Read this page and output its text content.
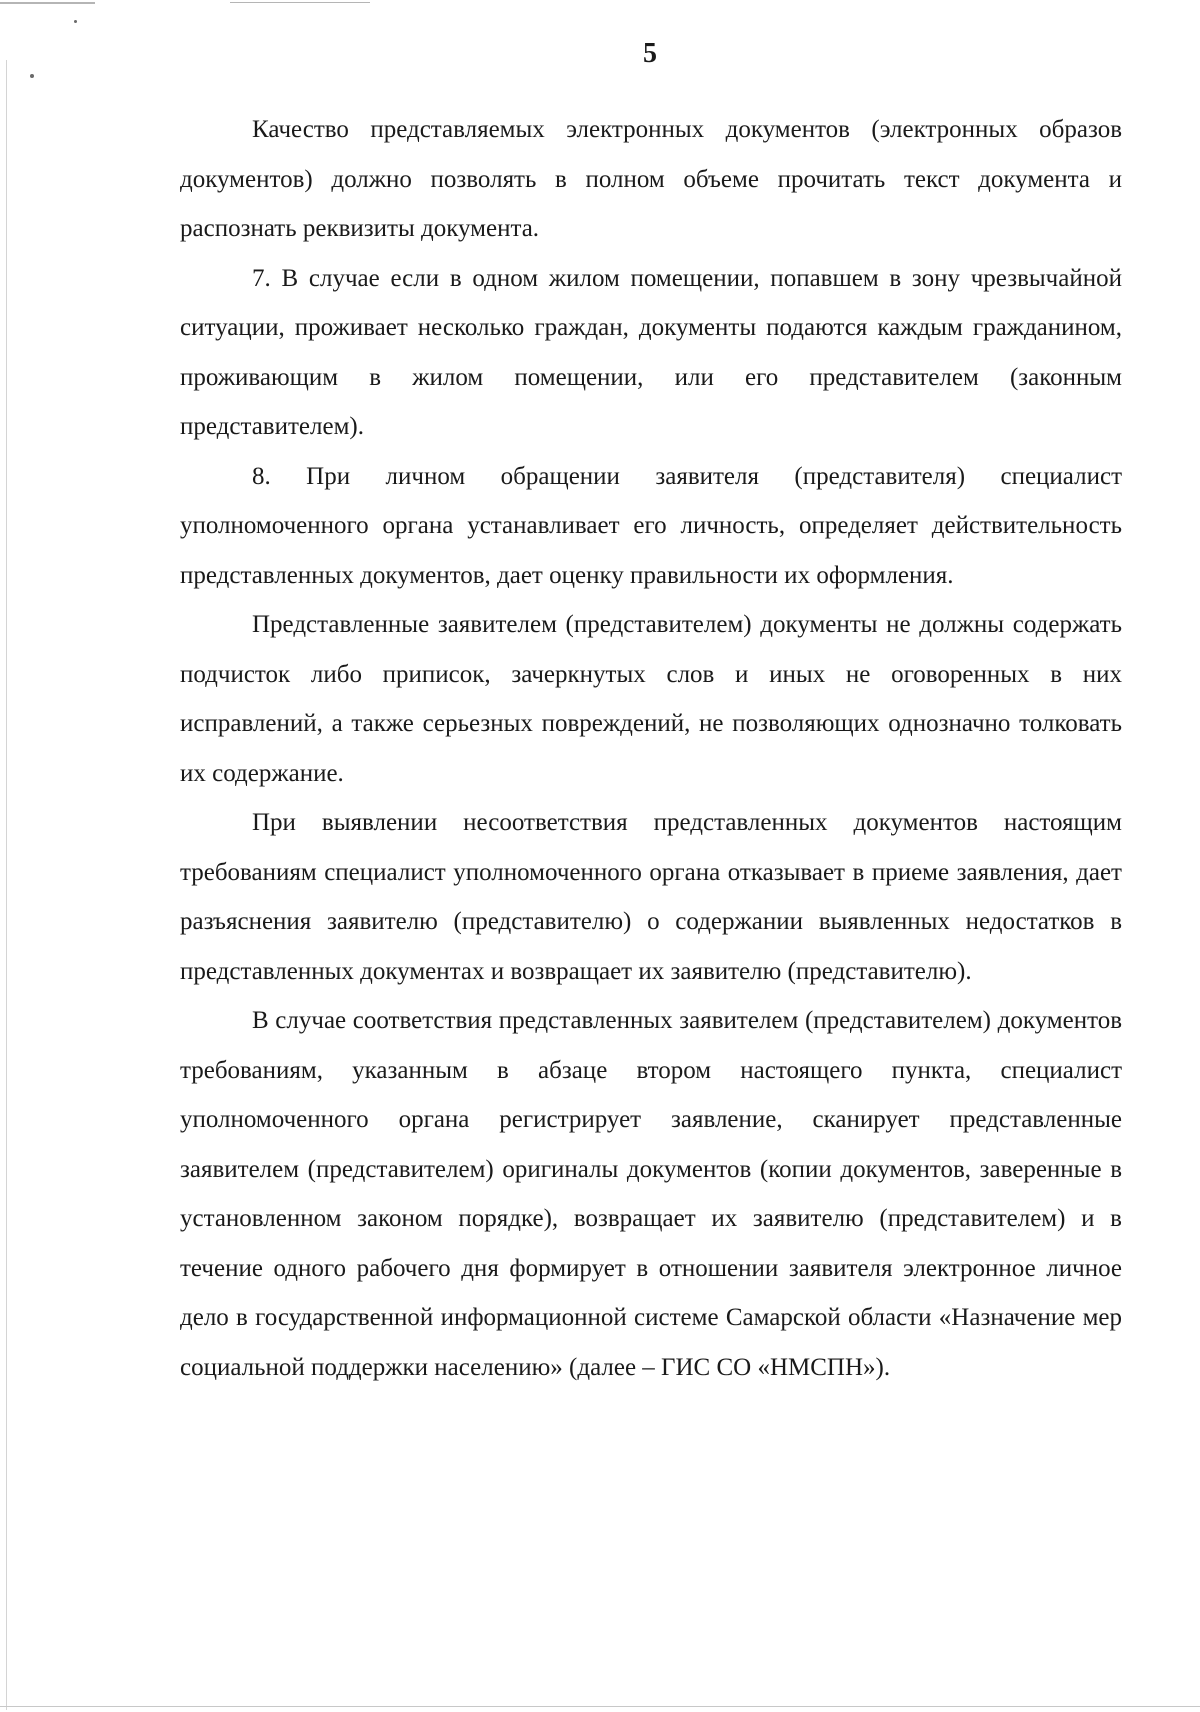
5

Качество представляемых электронных документов (электронных образов документов) должно позволять в полном объеме прочитать текст документа и распознать реквизиты документа.

7. В случае если в одном жилом помещении, попавшем в зону чрезвычайной ситуации, проживает несколько граждан, документы подаются каждым гражданином, проживающим в жилом помещении, или его представителем (законным представителем).

8. При личном обращении заявителя (представителя) специалист уполномоченного органа устанавливает его личность, определяет действительность представленных документов, дает оценку правильности их оформления.

Представленные заявителем (представителем) документы не должны содержать подчисток либо приписок, зачеркнутых слов и иных не оговоренных в них исправлений, а также серьезных повреждений, не позволяющих однозначно толковать их содержание.

При выявлении несоответствия представленных документов настоящим требованиям специалист уполномоченного органа отказывает в приеме заявления, дает разъяснения заявителю (представителю) о содержании выявленных недостатков в представленных документах и возвращает их заявителю (представителю).

В случае соответствия представленных заявителем (представителем) документов требованиям, указанным в абзаце втором настоящего пункта, специалист уполномоченного органа регистрирует заявление, сканирует представленные заявителем (представителем) оригиналы документов (копии документов, заверенные в установленном законом порядке), возвращает их заявителю (представителем) и в течение одного рабочего дня формирует в отношении заявителя электронное личное дело в государственной информационной системе Самарской области «Назначение мер социальной поддержки населению» (далее – ГИС СО «НМСПН»).
